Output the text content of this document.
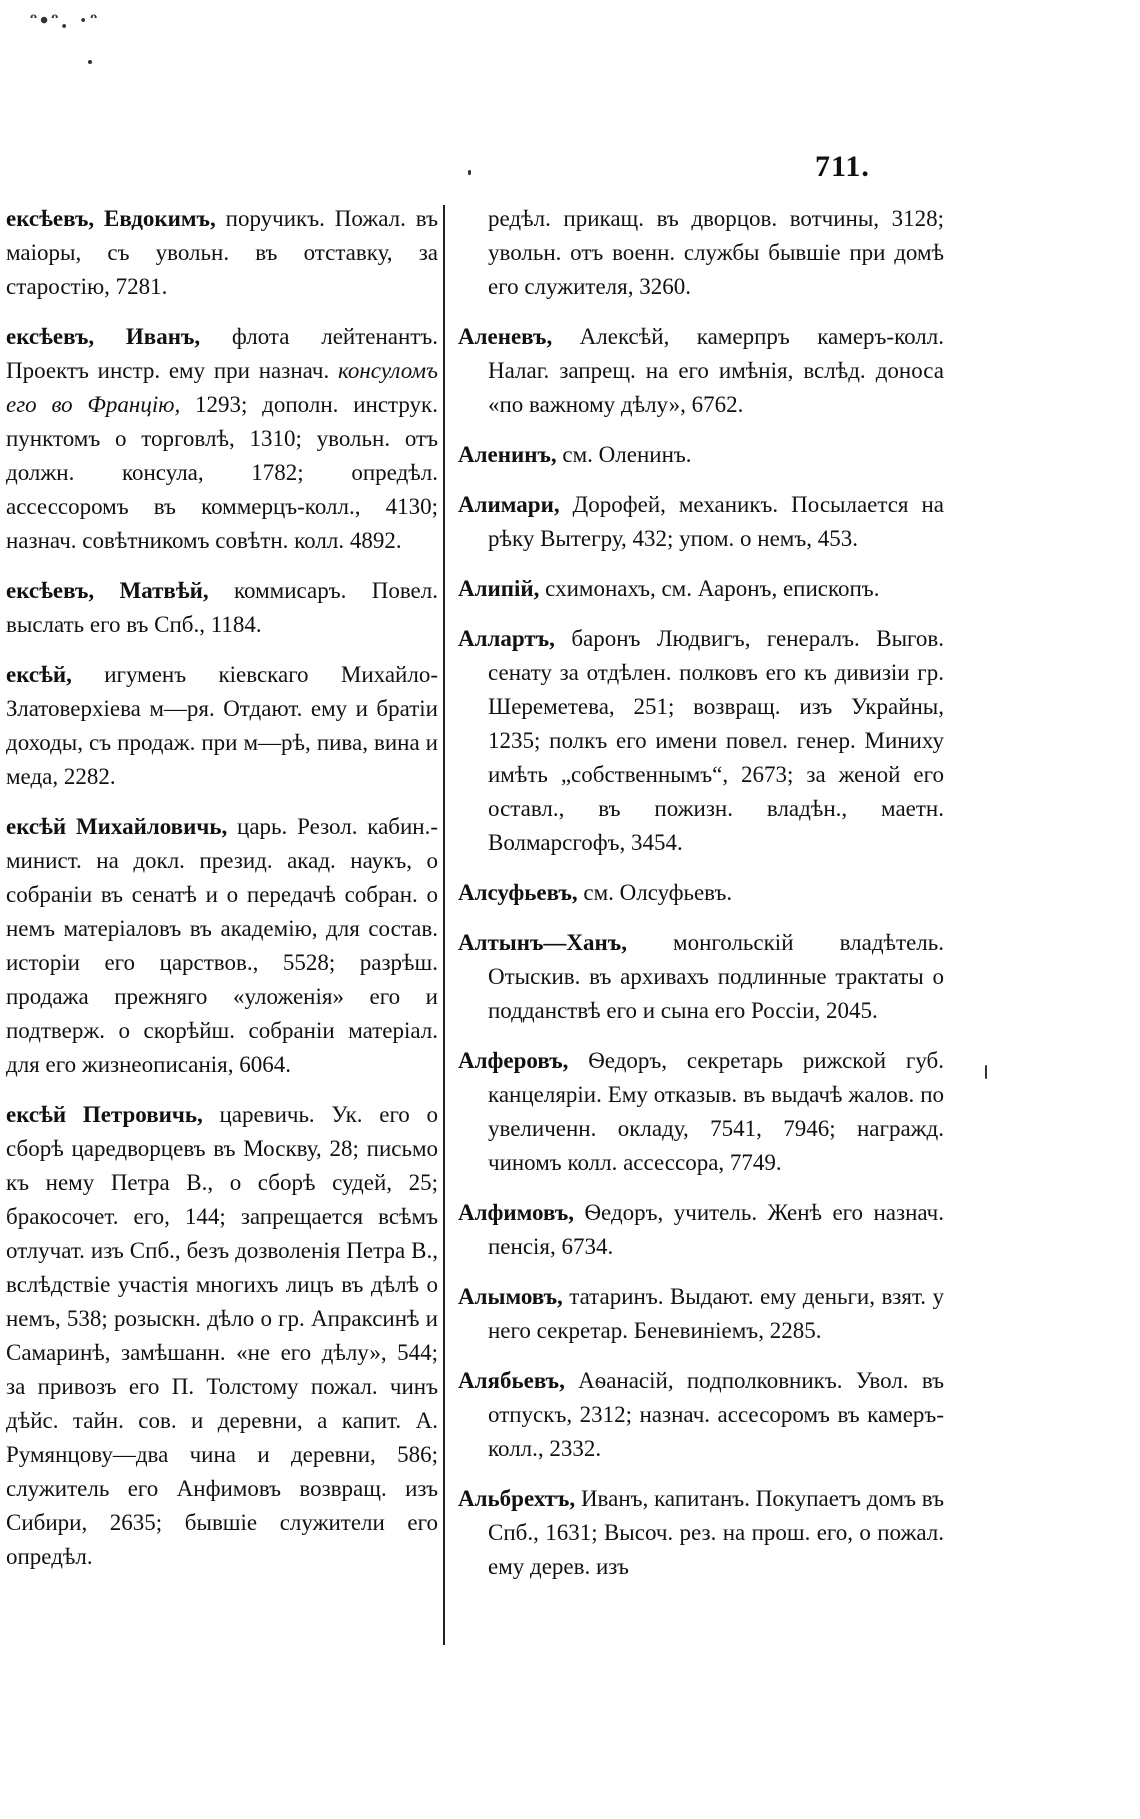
ᵔ•ᵔ. ·ᵔ
711.

ексѣевъ, Евдокимъ, поручикъ. Пожал. въ маіоры, съ увольн. въ отставку, за старостію, 7281.

ексѣевъ, Иванъ, флота лейтенантъ. Проектъ инстр. ему при назнач. консуломъ его во Францію, 1293; дополн. инструк. пунктомъ о торговлѣ, 1310; увольн. отъ должн. консула, 1782; опредѣл. ассессоромъ въ коммерцъ-колл., 4130; назнач. совѣтникомъ совѣтн. колл. 4892.

ексѣевъ, Матвѣй, коммисаръ. Повел. выслать его въ Спб., 1184.

ексѣй, игуменъ кіевскаго Михайло-Златоверхіева м—ря. Отдают. ему и братіи доходы, съ продаж. при м—рѣ, пива, вина и меда, 2282.

ексѣй Михайловичь, царь. Резол. кабин.-минист. на докл. презид. акад. наукъ, о собраніи въ сенатѣ и о передачѣ собран. о немъ матеріаловъ въ академію, для состав. исторіи его царствов., 5528; разрѣш. продажа прежняго «уложенія» его и подтверж. о скорѣйш. собраніи матеріал. для его жизнеописанія, 6064.

ексѣй Петровичь, царевичь. Ук. его о сборѣ царедворцевъ въ Москву, 28; письмо къ нему Петра В., о сборѣ судей, 25; бракосочет. его, 144; запрещается всѣмъ отлучат. изъ Спб., безъ дозволенія Петра В., вслѣдствіе участія многихъ лицъ въ дѣлѣ о немъ, 538; розыскн. дѣло о гр. Апраксинѣ и Самаринѣ, замѣшанн. «не его дѣлу», 544; за привозъ его П. Толстому пожал. чинъ дѣйс. тайн. сов. и деревни, а капит. А. Румянцову—два чина и деревни, 586; служитель его Анфимовъ возвращ. изъ Сибири, 2635; бывшіе служители его опредѣл.

редѣл. прикащ. въ дворцов. вотчины, 3128; увольн. отъ военн. службы бывшіе при домѣ его служителя, 3260.

Аленевъ, Алексѣй, камерпръ камеръ-колл. Налаг. запрещ. на его имѣнія, вслѣд. доноса «по важному дѣлу», 6762.

Аленинъ, см. Оленинъ.

Алимари, Дорофей, механикъ. Посылается на рѣку Вытегру, 432; упом. о немъ, 453.

Алипій, схимонахъ, см. Ааронъ, епископъ.

Аллартъ, баронъ Людвигъ, генералъ. Выгов. сенату за отдѣлен. полковъ его къ дивизіи гр. Шереметева, 251; возвращ. изъ Украйны, 1235; полкъ его имени повел. генер. Миниху имѣть „собственнымъ“, 2673; за женой его оставл., въ пожизн. владѣн., маетн. Волмарсгофъ, 3454.

Алсуфьевъ, см. Олсуфьевъ.

Алтынъ—Ханъ, монгольскій владѣтель. Отыскив. въ архивахъ подлинные трактаты о подданствѣ его и сына его Россіи, 2045.

Алферовъ, Ѳедоръ, секретарь рижской губ. канцеляріи. Ему отказыв. въ выдачѣ жалов. по увеличенн. окладу, 7541, 7946; награжд. чиномъ колл. ассессора, 7749.

Алфимовъ, Ѳедоръ, учитель. Женѣ его назнач. пенсія, 6734.

Алымовъ, татаринъ. Выдают. ему деньги, взят. у него секретар. Беневиніемъ, 2285.

Алябьевъ, Аѳанасій, подполковникъ. Увол. въ отпускъ, 2312; назнач. ассесоромъ въ камеръ-колл., 2332.

Альбрехтъ, Иванъ, капитанъ. Покупаетъ домъ въ Спб., 1631; Высоч. рез. на прош. его, о пожал. ему дерев. изъ
